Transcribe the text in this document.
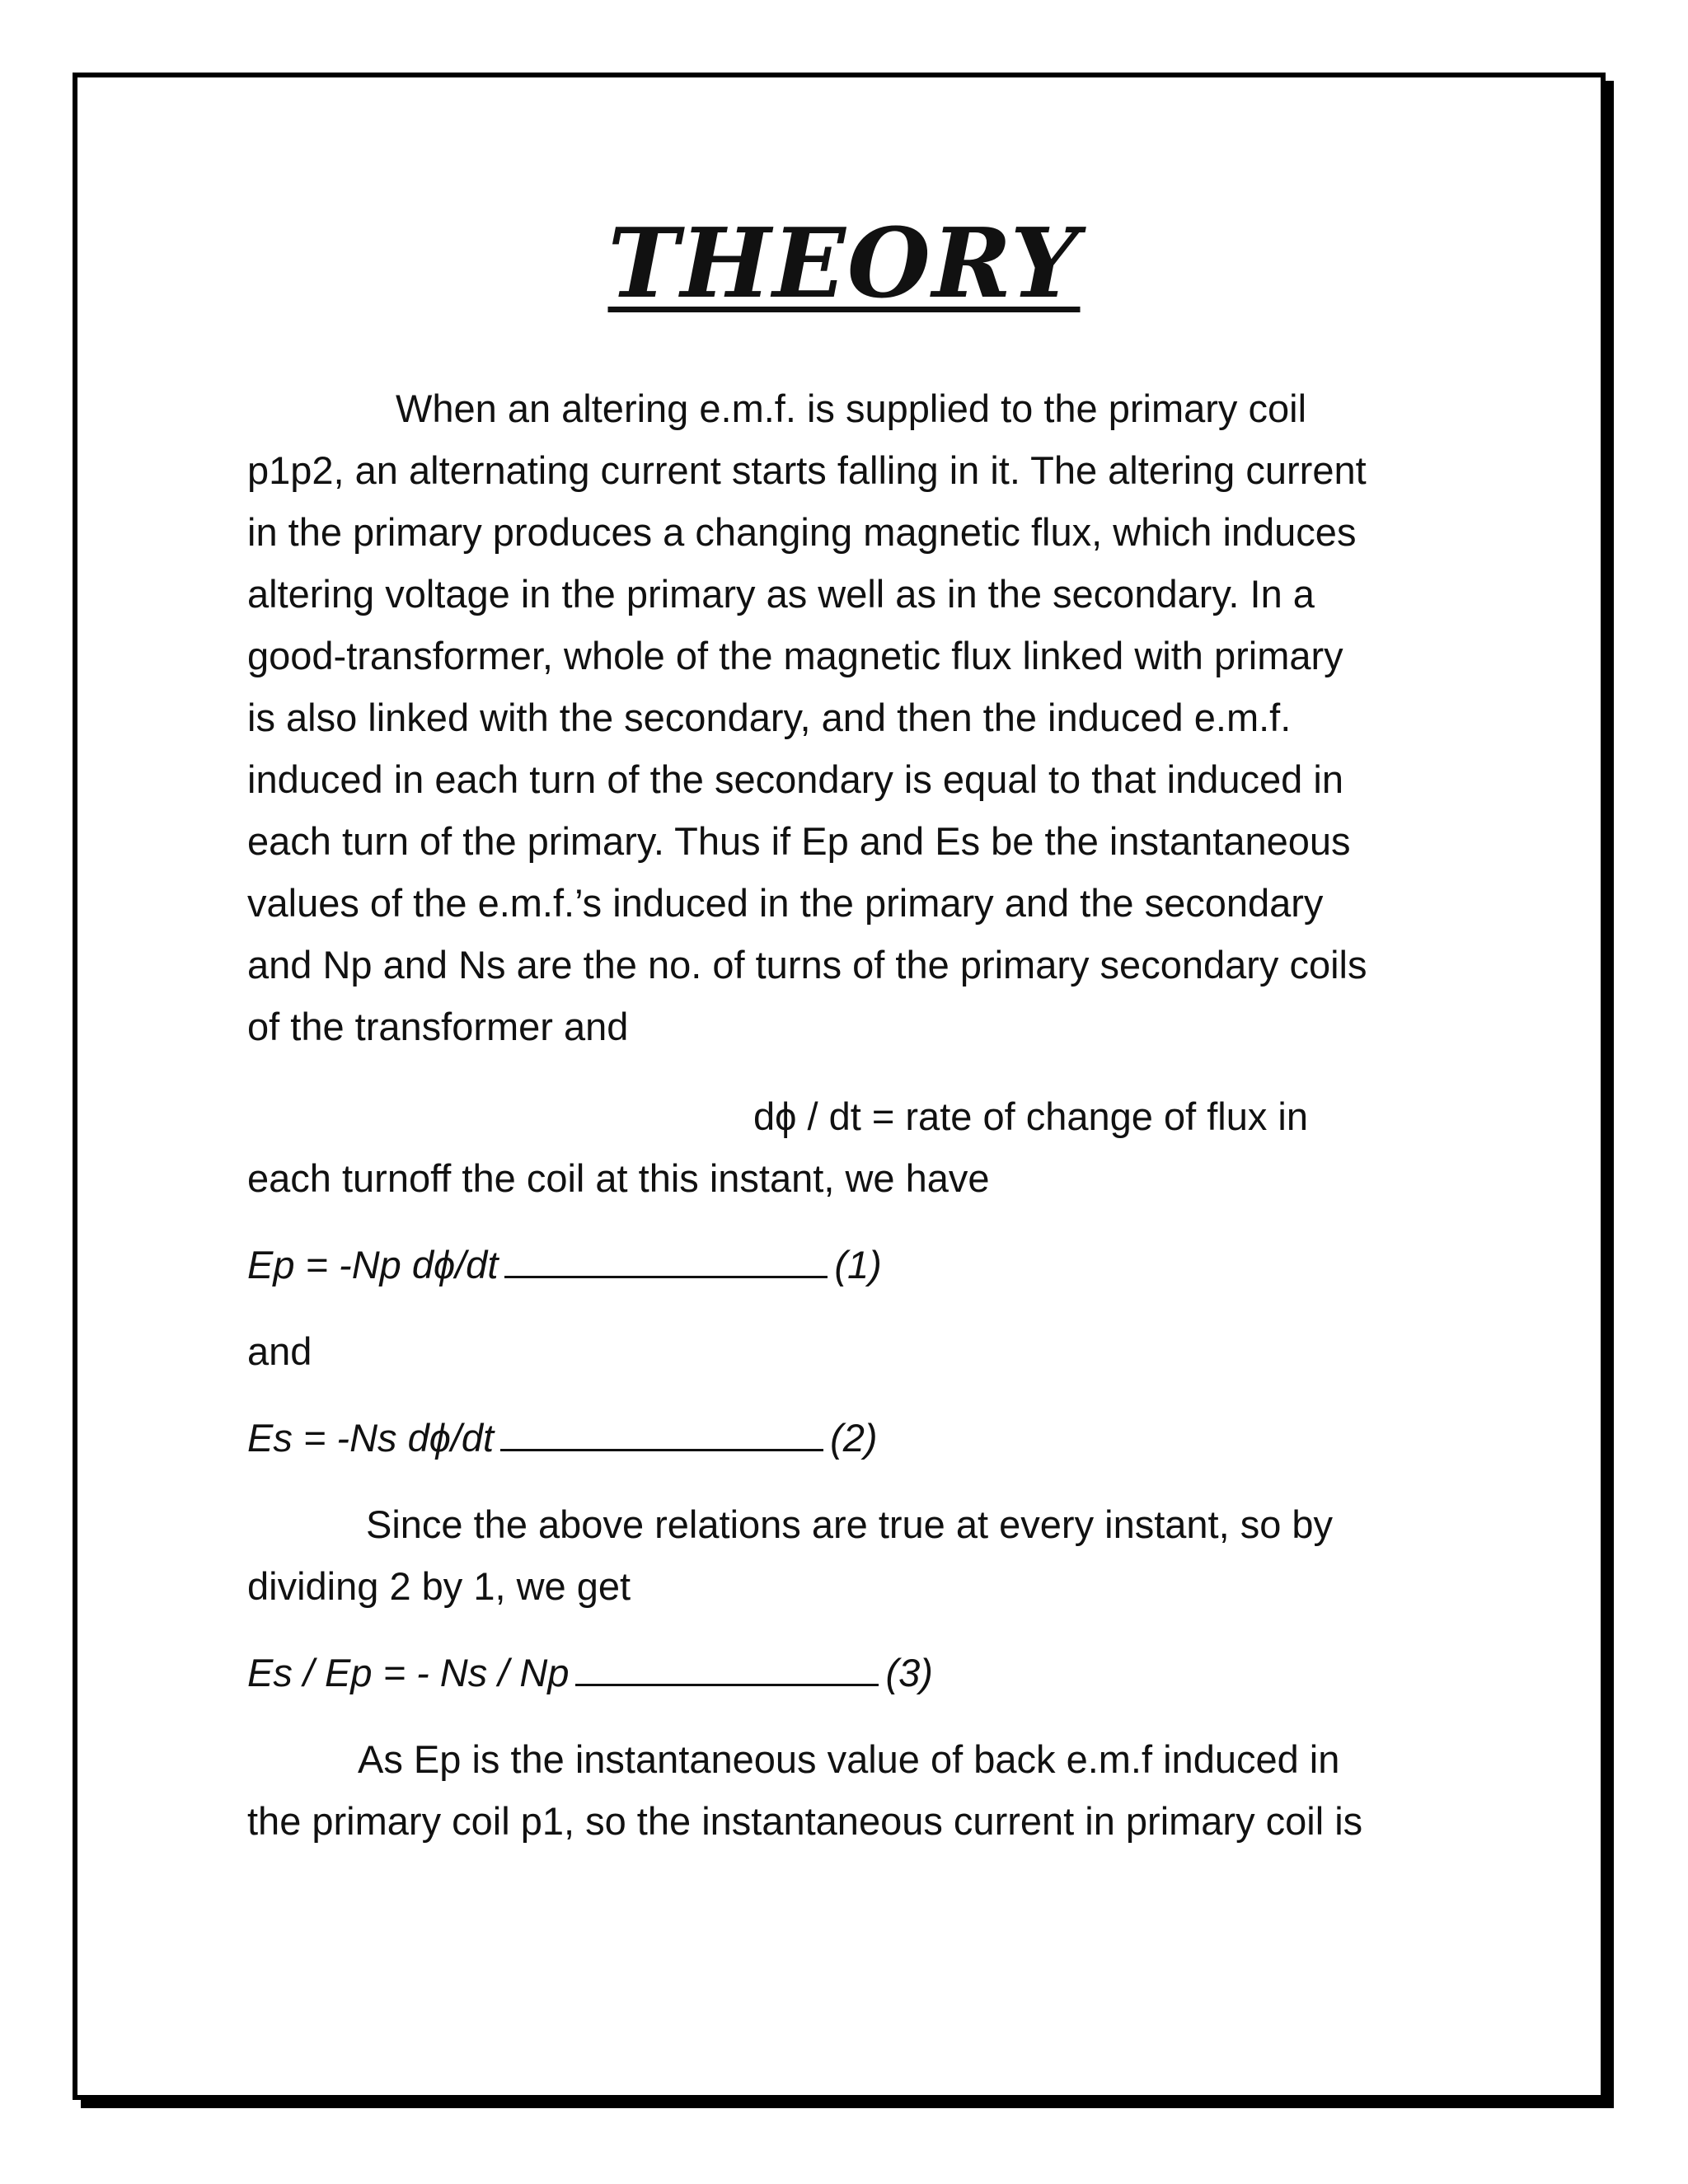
THEORY
When an altering e.m.f. is supplied to the primary coil
p1p2, an alternating current starts falling in it. The altering current
in the primary produces a changing magnetic flux, which induces
altering voltage in the primary as well as in the secondary. In a
good-transformer, whole of the magnetic flux linked with primary
is also linked with the secondary, and then the induced e.m.f.
induced in each turn of the secondary is equal to that induced in
each turn of the primary. Thus if Ep and Es be the instantaneous
values of the e.m.f.’s induced in the primary and the secondary
and Np and Ns are the no. of turns of the primary secondary coils
of the transformer and
dϕ / dt = rate of change of flux in
each turnoff the coil at this instant, we have
Ep = -Np dϕ/dt	(1)
and
Es = -Ns dϕ/dt	(2)
Since the above relations are true at every instant, so by
dividing 2 by 1, we get
Es / Ep = - Ns / Np	(3)
As Ep is the instantaneous value of back e.m.f induced in
the primary coil p1, so the instantaneous current in primary coil is
